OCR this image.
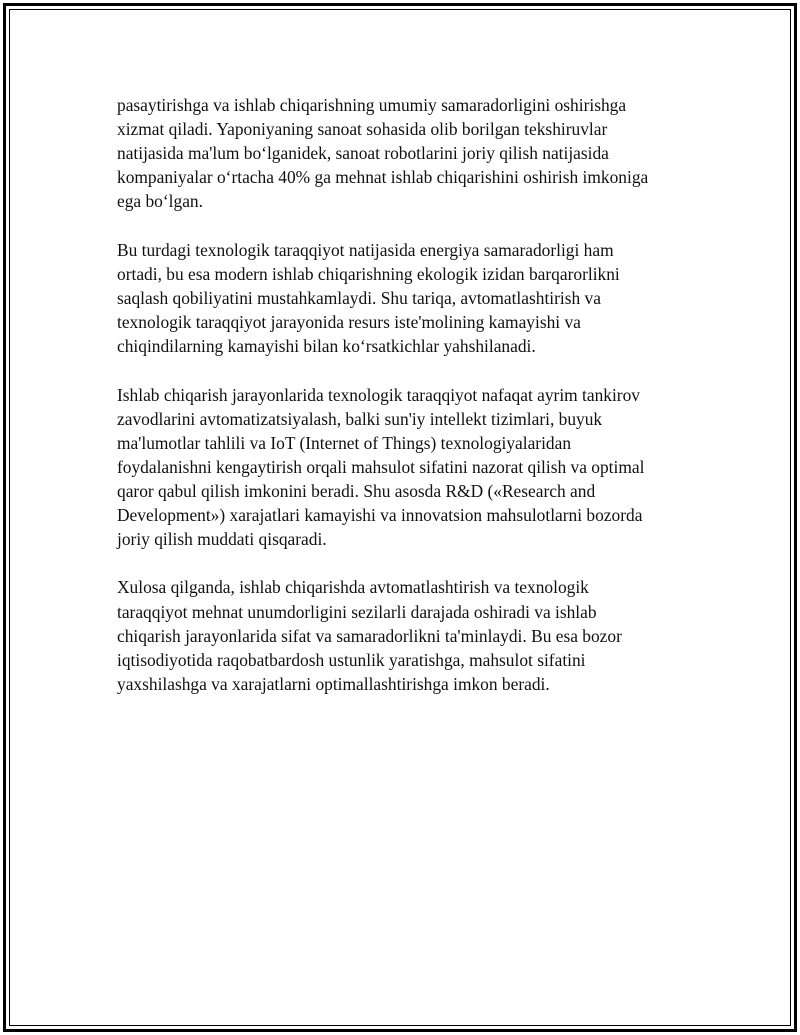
pasaytirishga va ishlab chiqarishning umumiy samaradorligini oshirishga
xizmat qiladi. Yaponiyaning sanoat sohasida olib borilgan tekshiruvlar
natijasida ma'lum bo‘lganidek, sanoat robotlarini joriy qilish natijasida
kompaniyalar o‘rtacha 40% ga mehnat ishlab chiqarishini oshirish imkoniga
ega bo‘lgan.

Bu turdagi texnologik taraqqiyot natijasida energiya samaradorligi ham
ortadi, bu esa modern ishlab chiqarishning ekologik izidan barqarorlikni
saqlash qobiliyatini mustahkamlaydi. Shu tariqa, avtomatlashtirish va
texnologik taraqqiyot jarayonida resurs iste'molining kamayishi va
chiqindilarning kamayishi bilan ko‘rsatkichlar yahshilanadi.

Ishlab chiqarish jarayonlarida texnologik taraqqiyot nafaqat ayrim tankirov
zavodlarini avtomatizatsiyalash, balki sun'iy intellekt tizimlari, buyuk
ma'lumotlar tahlili va IoT (Internet of Things) texnologiyalaridan
foydalanishni kengaytirish orqali mahsulot sifatini nazorat qilish va optimal
qaror qabul qilish imkonini beradi. Shu asosda R&D («Research and
Development») xarajatlari kamayishi va innovatsion mahsulotlarni bozorda
joriy qilish muddati qisqaradi.

Xulosa qilganda, ishlab chiqarishda avtomatlashtirish va texnologik
taraqqiyot mehnat unumdorligini sezilarli darajada oshiradi va ishlab
chiqarish jarayonlarida sifat va samaradorlikni ta'minlaydi. Bu esa bozor
iqtisodiyotida raqobatbardosh ustunlik yaratishga, mahsulot sifatini
yaxshilashga va xarajatlarni optimallashtirishga imkon beradi.
